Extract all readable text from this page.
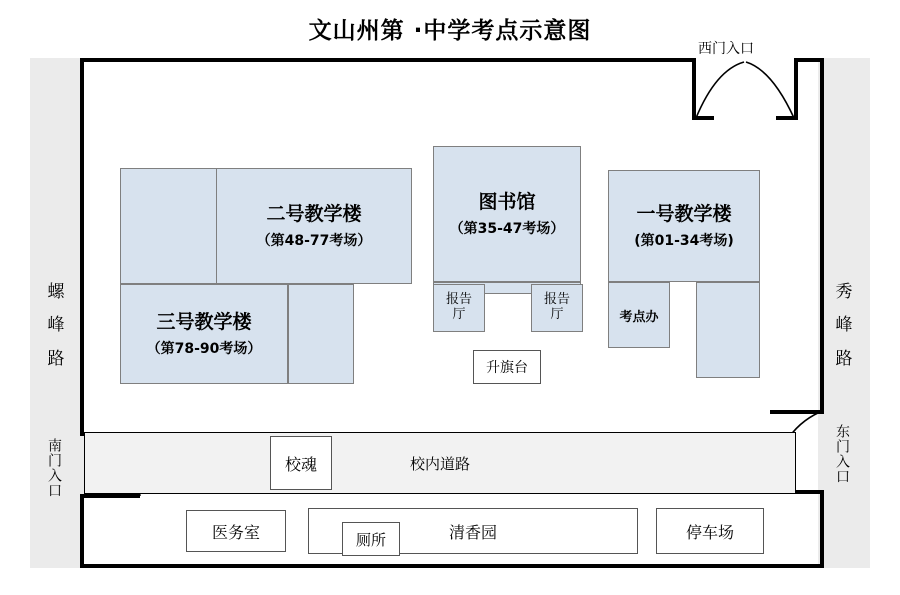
文山州第 ·中学考点示意图
螺
峰
路
秀
峰
路
西门入口
东门入口
南门入口
二号教学楼
（第48-77考场）
三号教学楼
（第78-90考场）
图书馆
（第35-47考场）
报告厅
报告厅
升旗台
一号教学楼
(第01-34考场)
考点办
校内道路
校魂
医务室	清香园
厕所	停车场
